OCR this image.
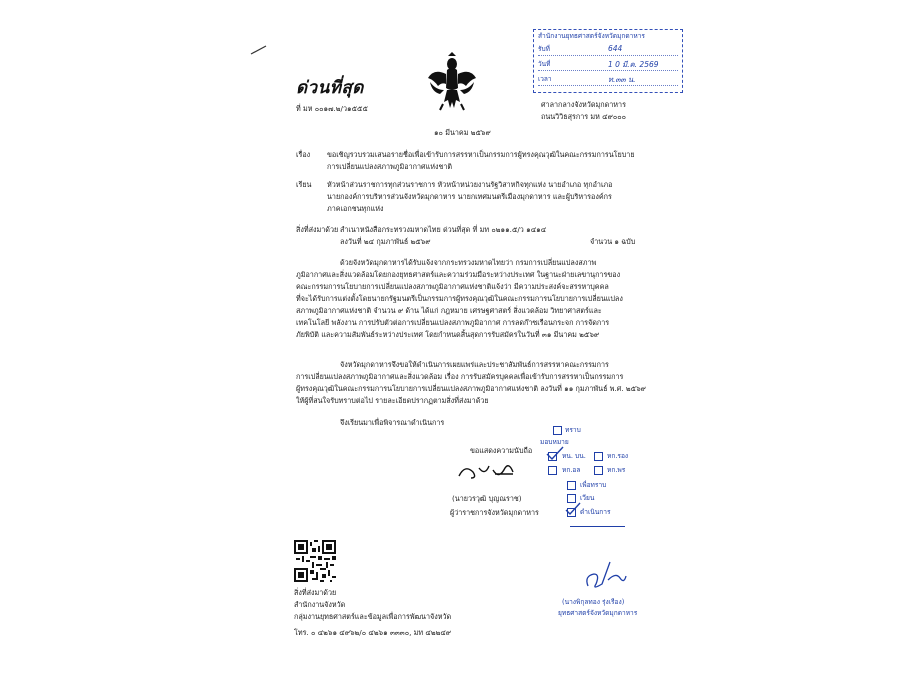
ด่วนที่สุด
ที่ มห ๐๐๑๗.๒/ว๑๕๕๕
สำนักงานยุทธศาสตร์จังหวัดมุกดาหาร
รับที่	644
วันที่	1 0 มี.ค. 2569
เวลา	ท.๓๓ น.
ศาลากลางจังหวัดมุกดาหาร
ถนนวิวิธสุรการ มห ๔๙๐๐๐
๑๐ มีนาคม ๒๕๖๙
เรื่อง ขอเชิญรวบรวมเสนอรายชื่อเพื่อเข้ารับการสรรหาเป็นกรรมการผู้ทรงคุณวุฒิในคณะกรรมการนโยบาย
การเปลี่ยนแปลงสภาพภูมิอากาศแห่งชาติ
เรียน หัวหน้าส่วนราชการทุกส่วนราชการ หัวหน้าหน่วยงานรัฐวิสาหกิจทุกแห่ง นายอำเภอ ทุกอำเภอ
นายกองค์การบริหารส่วนจังหวัดมุกดาหาร นายกเทศมนตรีเมืองมุกดาหาร และผู้บริหารองค์กร
ภาคเอกชนทุกแห่ง
สิ่งที่ส่งมาด้วย สำเนาหนังสือกระทรวงมหาดไทย ด่วนที่สุด ที่ มท ๐๒๑๑.๕/ว ๑๔๑๔
ลงวันที่ ๒๔ กุมภาพันธ์ ๒๕๖๙	จำนวน ๑ ฉบับ
ด้วยจังหวัดมุกดาหารได้รับแจ้งจากกระทรวงมหาดไทยว่า กรมการเปลี่ยนแปลงสภาพ
ภูมิอากาศและสิ่งแวดล้อมโดยกองยุทธศาสตร์และความร่วมมือระหว่างประเทศ ในฐานะฝ่ายเลขานุการของ
คณะกรรมการนโยบายการเปลี่ยนแปลงสภาพภูมิอากาศแห่งชาติแจ้งว่า มีความประสงค์จะสรรหาบุคคล
ที่จะได้รับการแต่งตั้งโดยนายกรัฐมนตรีเป็นกรรมการผู้ทรงคุณวุฒิในคณะกรรมการนโยบายการเปลี่ยนแปลง
สภาพภูมิอากาศแห่งชาติ จำนวน ๙ ด้าน ได้แก่ กฎหมาย เศรษฐศาสตร์ สิ่งแวดล้อม วิทยาศาสตร์และ
เทคโนโลยี พลังงาน การปรับตัวต่อการเปลี่ยนแปลงสภาพภูมิอากาศ การลดก๊าซเรือนกระจก การจัดการ
ภัยพิบัติ และความสัมพันธ์ระหว่างประเทศ โดยกำหนดสิ้นสุดการรับสมัครในวันที่ ๓๑ มีนาคม ๒๕๖๙
จังหวัดมุกดาหารจึงขอให้ดำเนินการเผยแพร่และประชาสัมพันธ์การสรรหาคณะกรรมการ
การเปลี่ยนแปลงสภาพภูมิอากาศและสิ่งแวดล้อม เรื่อง การรับสมัครบุคคลเพื่อเข้ารับการสรรหาเป็นกรรมการ
ผู้ทรงคุณวุฒิในคณะกรรมการนโยบายการเปลี่ยนแปลงสภาพภูมิอากาศแห่งชาติ ลงวันที่ ๑๑ กุมภาพันธ์ พ.ศ. ๒๕๖๙
ให้ผู้ที่สนใจรับทราบต่อไป รายละเอียดปรากฏตามสิ่งที่ส่งมาด้วย
จึงเรียนมาเพื่อพิจารณาดำเนินการ
ขอแสดงความนับถือ
(นายวรวุฒิ บุญณราช)
ผู้ว่าราชการจังหวัดมุกดาหาร
ทราบ
มอบหมาย
หน. บน.	หก.รอง
หก.อล	หก.พร
เพื่อทราบ
เวียน
ดำเนินการ
(นางพิกุลทอง รุ่งเรือง)
ยุทธศาสตร์จังหวัดมุกดาหาร
สิ่งที่ส่งมาด้วย
สำนักงานจังหวัด
กลุ่มงานยุทธศาสตร์และข้อมูลเพื่อการพัฒนาจังหวัด
โทร. ๐ ๔๒๖๑ ๔๙๖๒/๐ ๔๒๖๑ ๓๓๓๐, มท ๔๒๒๔๙
